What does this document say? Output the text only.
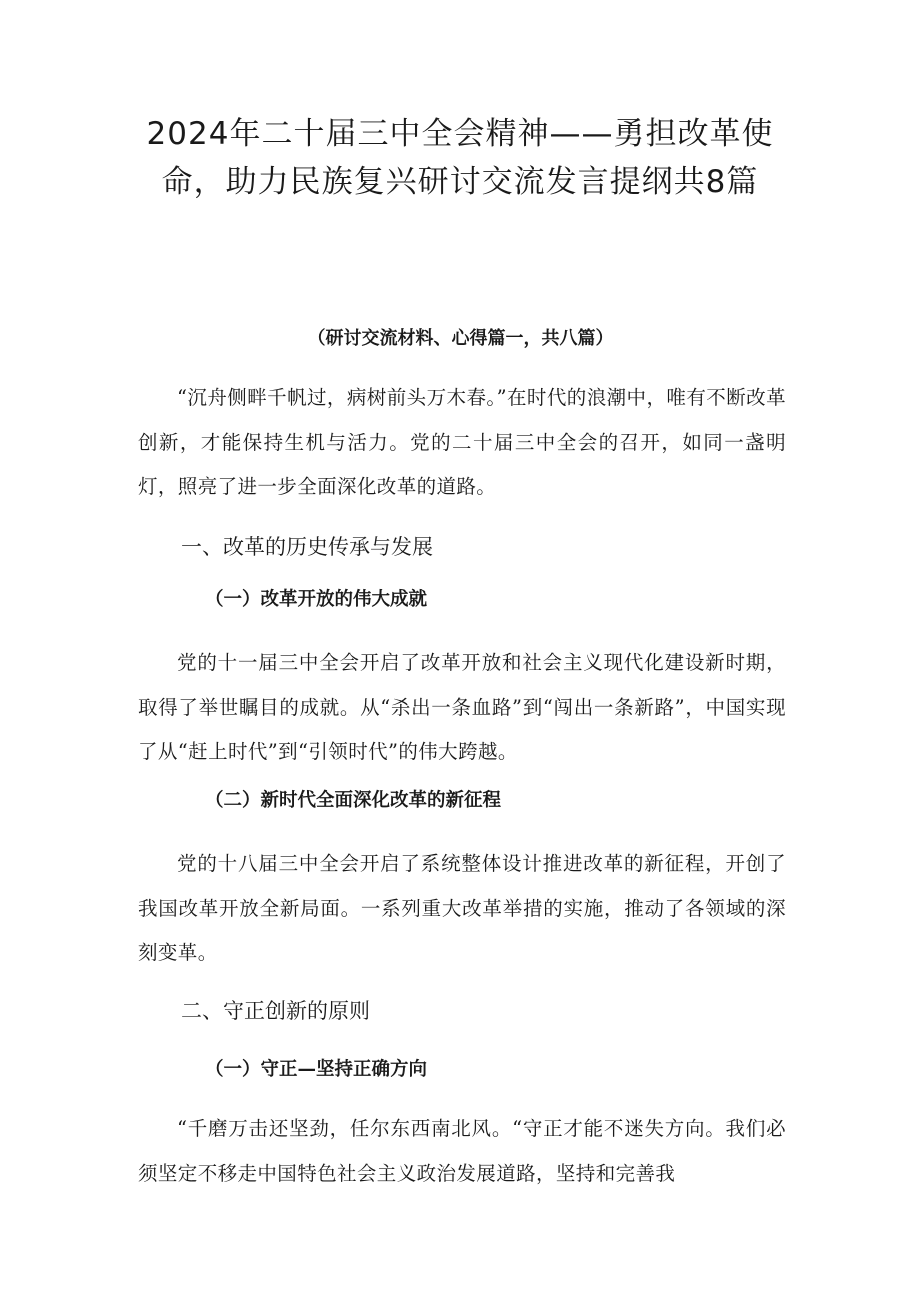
2024年二十届三中全会精神——勇担改革使命，助力民族复兴研讨交流发言提纲共8篇

（研讨交流材料、心得篇一，共八篇）

“沉舟侧畔千帆过，病树前头万木春。”在时代的浪潮中，唯有不断改革创新，才能保持生机与活力。党的二十届三中全会的召开，如同一盏明灯，照亮了进一步全面深化改革的道路。

一、改革的历史传承与发展
（一）改革开放的伟大成就

党的十一届三中全会开启了改革开放和社会主义现代化建设新时期，取得了举世瞩目的成就。从“杀出一条血路”到“闯出一条新路”，中国实现了从“赶上时代”到“引领时代”的伟大跨越。

（二）新时代全面深化改革的新征程

党的十八届三中全会开启了系统整体设计推进改革的新征程，开创了我国改革开放全新局面。一系列重大改革举措的实施，推动了各领域的深刻变革。

二、守正创新的原则
（一）守正—坚持正确方向

“千磨万击还坚劲，任尔东西南北风。“守正才能不迷失方向。我们必须坚定不移走中国特色社会主义政治发展道路，坚持和完善我
